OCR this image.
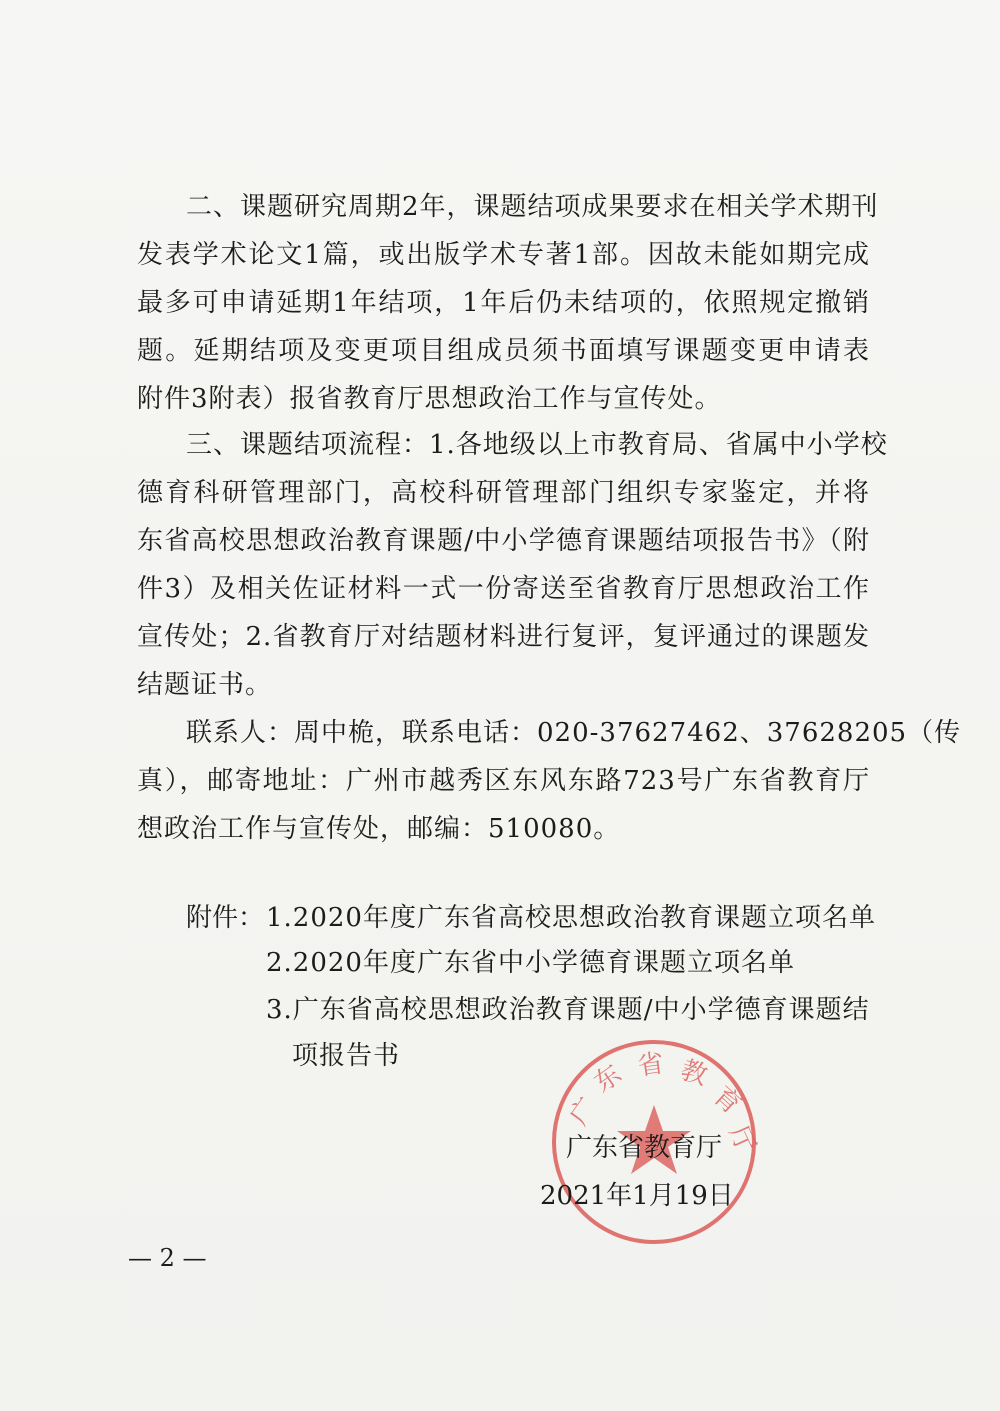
二、课题研究周期2年，课题结项成果要求在相关学术期刊
发表学术论文1篇，或出版学术专著1部。因故未能如期完成
最多可申请延期1年结项，1年后仍未结项的，依照规定撤销
题。延期结项及变更项目组成员须书面填写课题变更申请表
附件3附表）报省教育厅思想政治工作与宣传处。
三、课题结项流程：1.各地级以上市教育局、省属中小学校
德育科研管理部门，高校科研管理部门组织专家鉴定，并将
东省高校思想政治教育课题/中小学德育课题结项报告书》（附
件3）及相关佐证材料一式一份寄送至省教育厅思想政治工作
宣传处；2.省教育厅对结题材料进行复评，复评通过的课题发
结题证书。
联系人：周中桅，联系电话：020-37627462、37628205（传
真），邮寄地址：广州市越秀区东风东路723号广东省教育厅
想政治工作与宣传处，邮编：510080。
附件： 1.2020年度广东省高校思想政治教育课题立项名单
2.2020年度广东省中小学德育课题立项名单
3.广东省高校思想政治教育课题/中小学德育课题结
项报告书
广
东 省 教
育
厅
广东省教育厅
2021年1月19日
— 2 —
